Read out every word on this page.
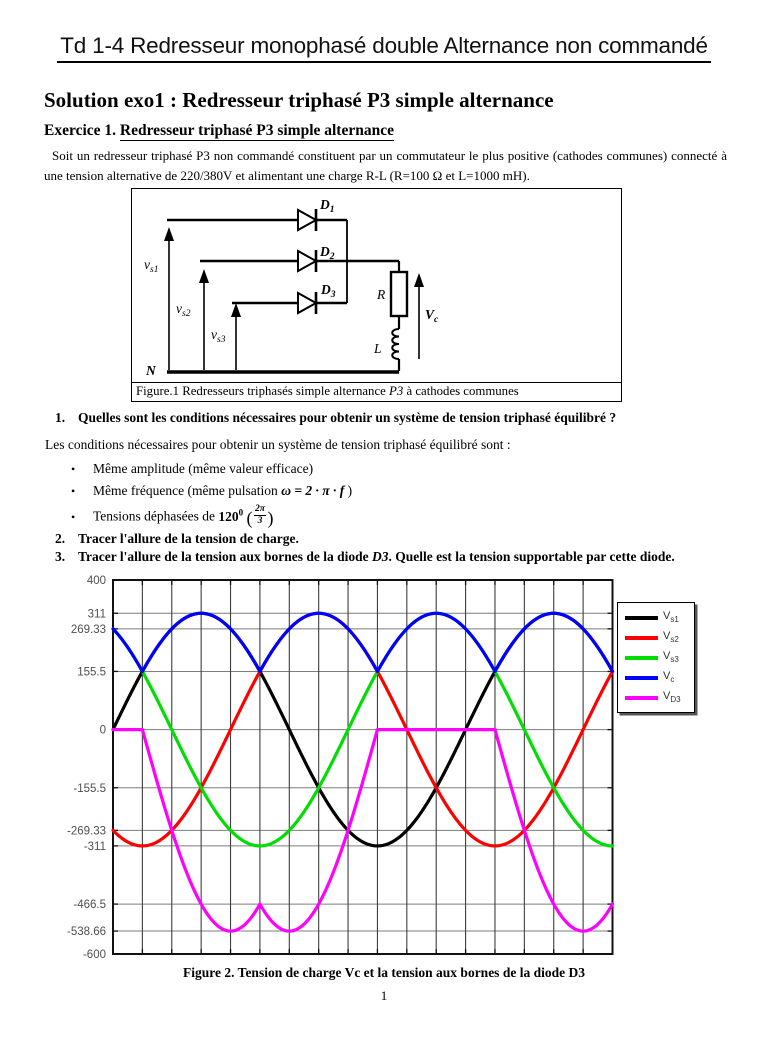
Td 1-4 Redresseur monophasé double Alternance non commandé
Solution exo1 : Redresseur triphasé P3 simple alternance
Exercice 1. Redresseur triphasé P3 simple alternance
Soit un redresseur triphasé P3 non commandé constituent par un commutateur le plus positive (cathodes communes) connecté à une tension alternative de 220/380V et alimentant une charge R-L (R=100 Ω et L=1000 mH).
$D_1$
$D_2$
$D_3$
$v_{s1}$
$v_{s2}$
$v_{s3}$
N
R
L
$V_c$
Figure.1 Redresseurs triphasés simple alternance P3 à cathodes communes
1. Quelles sont les conditions nécessaires pour obtenir un système de tension triphasé équilibré ?
Les conditions nécessaires pour obtenir un système de tension triphasé équilibré sont :
•	Même amplitude (même valeur efficace)
•	Même fréquence (même pulsation ω = 2 · π · f )
•	Tensions déphasées de $120^0$ ( $\frac{2\pi}{3}$ )
2. Tracer l'allure de la tension de charge.
3. Tracer l'allure de la tension aux bornes de la diode D3. Quelle est la tension supportable par cette diode.
400
311
269.33
155.5
0
-155.5
-269.33
-311
-466.5
-538.66
-600
$V_{s1}$
$V_{s2}$
$V_{s3}$
$V_c$
$V_{D3}$
Figure 2. Tension de charge Vc et la tension aux bornes de la diode D3
1
